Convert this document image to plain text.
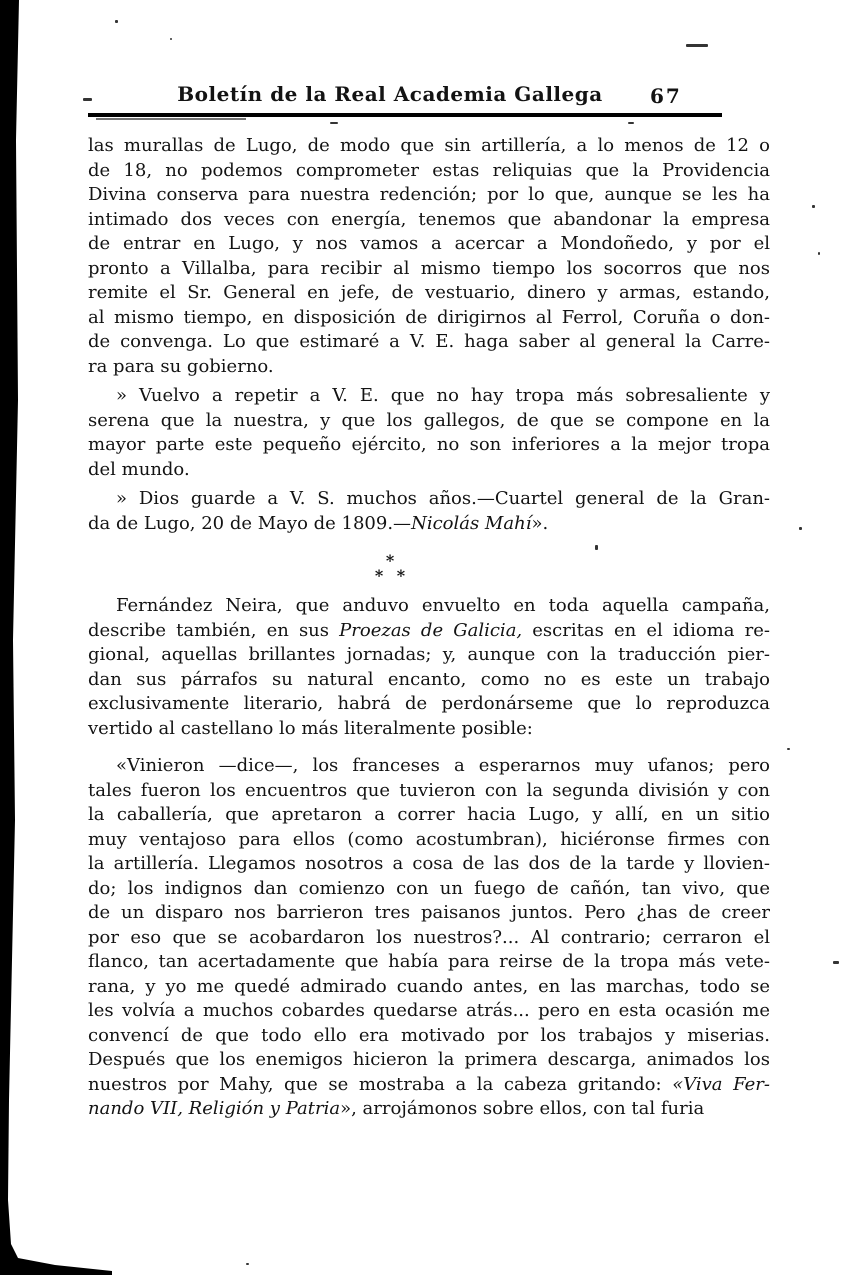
Boletín de la Real Academia Gallega	67
las murallas de Lugo, de modo que sin artillería, a lo menos de 12 o
de 18, no podemos comprometer estas reliquias que la Providencia
Divina conserva para nuestra redención; por lo que, aunque se les ha
intimado dos veces con energía, tenemos que abandonar la empresa
de entrar en Lugo, y nos vamos a acercar a Mondoñedo, y por el
pronto a Villalba, para recibir al mismo tiempo los socorros que nos
remite el Sr. General en jefe, de vestuario, dinero y armas, estando,
al mismo tiempo, en disposición de dirigirnos al Ferrol, Coruña o don-
de convenga. Lo que estimaré a V. E. haga saber al general la Carre-
ra para su gobierno.
» Vuelvo a repetir a V. E. que no hay tropa más sobresaliente y
serena que la nuestra, y que los gallegos, de que se compone en la
mayor parte este pequeño ejército, no son inferiores a la mejor tropa
del mundo.
» Dios guarde a V. S. muchos años.—Cuartel general de la Gran-
da de Lugo, 20 de Mayo de 1809.—Nicolás Mahí».
*
* *
Fernández Neira, que anduvo envuelto en toda aquella campaña,
describe también, en sus Proezas de Galicia, escritas en el idioma re-
gional, aquellas brillantes jornadas; y, aunque con la traducción pier-
dan sus párrafos su natural encanto, como no es este un trabajo
exclusivamente literario, habrá de perdonárseme que lo reproduzca
vertido al castellano lo más literalmente posible:
«Vinieron —dice—, los franceses a esperarnos muy ufanos; pero
tales fueron los encuentros que tuvieron con la segunda división y con
la caballería, que apretaron a correr hacia Lugo, y allí, en un sitio
muy ventajoso para ellos (como acostumbran), hiciéronse firmes con
la artillería. Llegamos nosotros a cosa de las dos de la tarde y llovien-
do; los indignos dan comienzo con un fuego de cañón, tan vivo, que
de un disparo nos barrieron tres paisanos juntos. Pero ¿has de creer
por eso que se acobardaron los nuestros?... Al contrario; cerraron el
flanco, tan acertadamente que había para reirse de la tropa más vete-
rana, y yo me quedé admirado cuando antes, en las marchas, todo se
les volvía a muchos cobardes quedarse atrás... pero en esta ocasión me
convencí de que todo ello era motivado por los trabajos y miserias.
Después que los enemigos hicieron la primera descarga, animados los
nuestros por Mahy, que se mostraba a la cabeza gritando: «Viva Fer-
nando VII, Religión y Patria», arrojámonos sobre ellos, con tal furia
